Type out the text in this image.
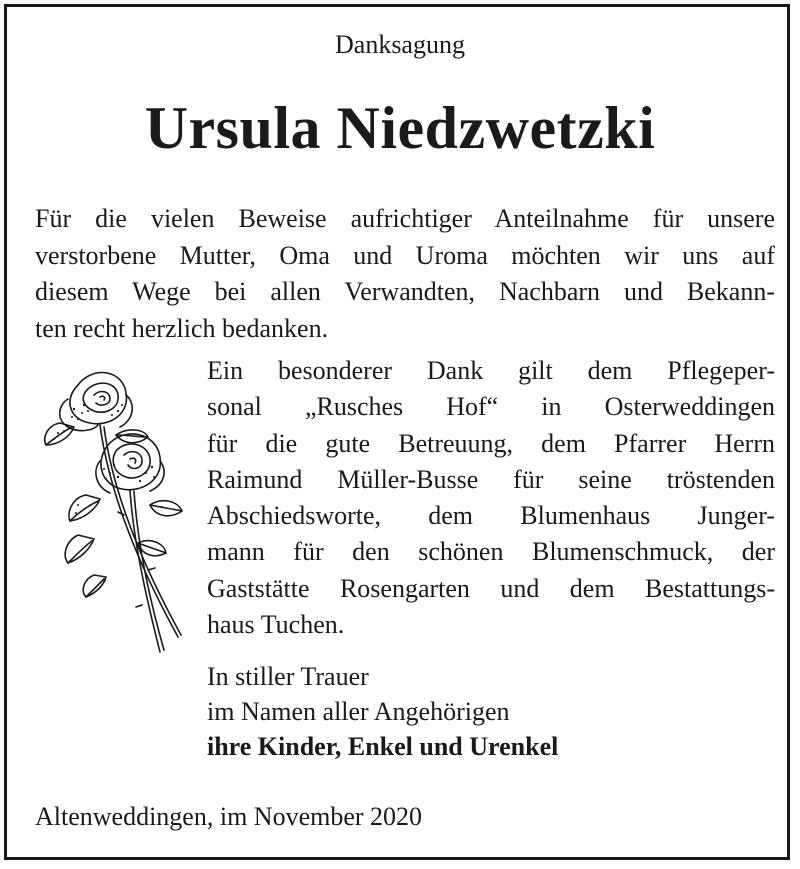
Danksagung
Ursula Niedzwetzki
Für die vielen Beweise aufrichtiger Anteilnahme für unsere
verstorbene Mutter, Oma und Uroma möchten wir uns auf
diesem Wege bei allen Verwandten, Nachbarn und Bekann-
ten recht herzlich bedanken.
Ein besonderer Dank gilt dem Pflegeper-
sonal „Rusches Hof“ in Osterweddingen
für die gute Betreuung, dem Pfarrer Herrn
Raimund Müller-Busse für seine tröstenden
Abschiedsworte, dem Blumenhaus Junger-
mann für den schönen Blumenschmuck, der
Gaststätte Rosengarten und dem Bestattungs-
haus Tuchen.
In stiller Trauer
im Namen aller Angehörigen
ihre Kinder, Enkel und Urenkel
Altenweddingen, im November 2020
